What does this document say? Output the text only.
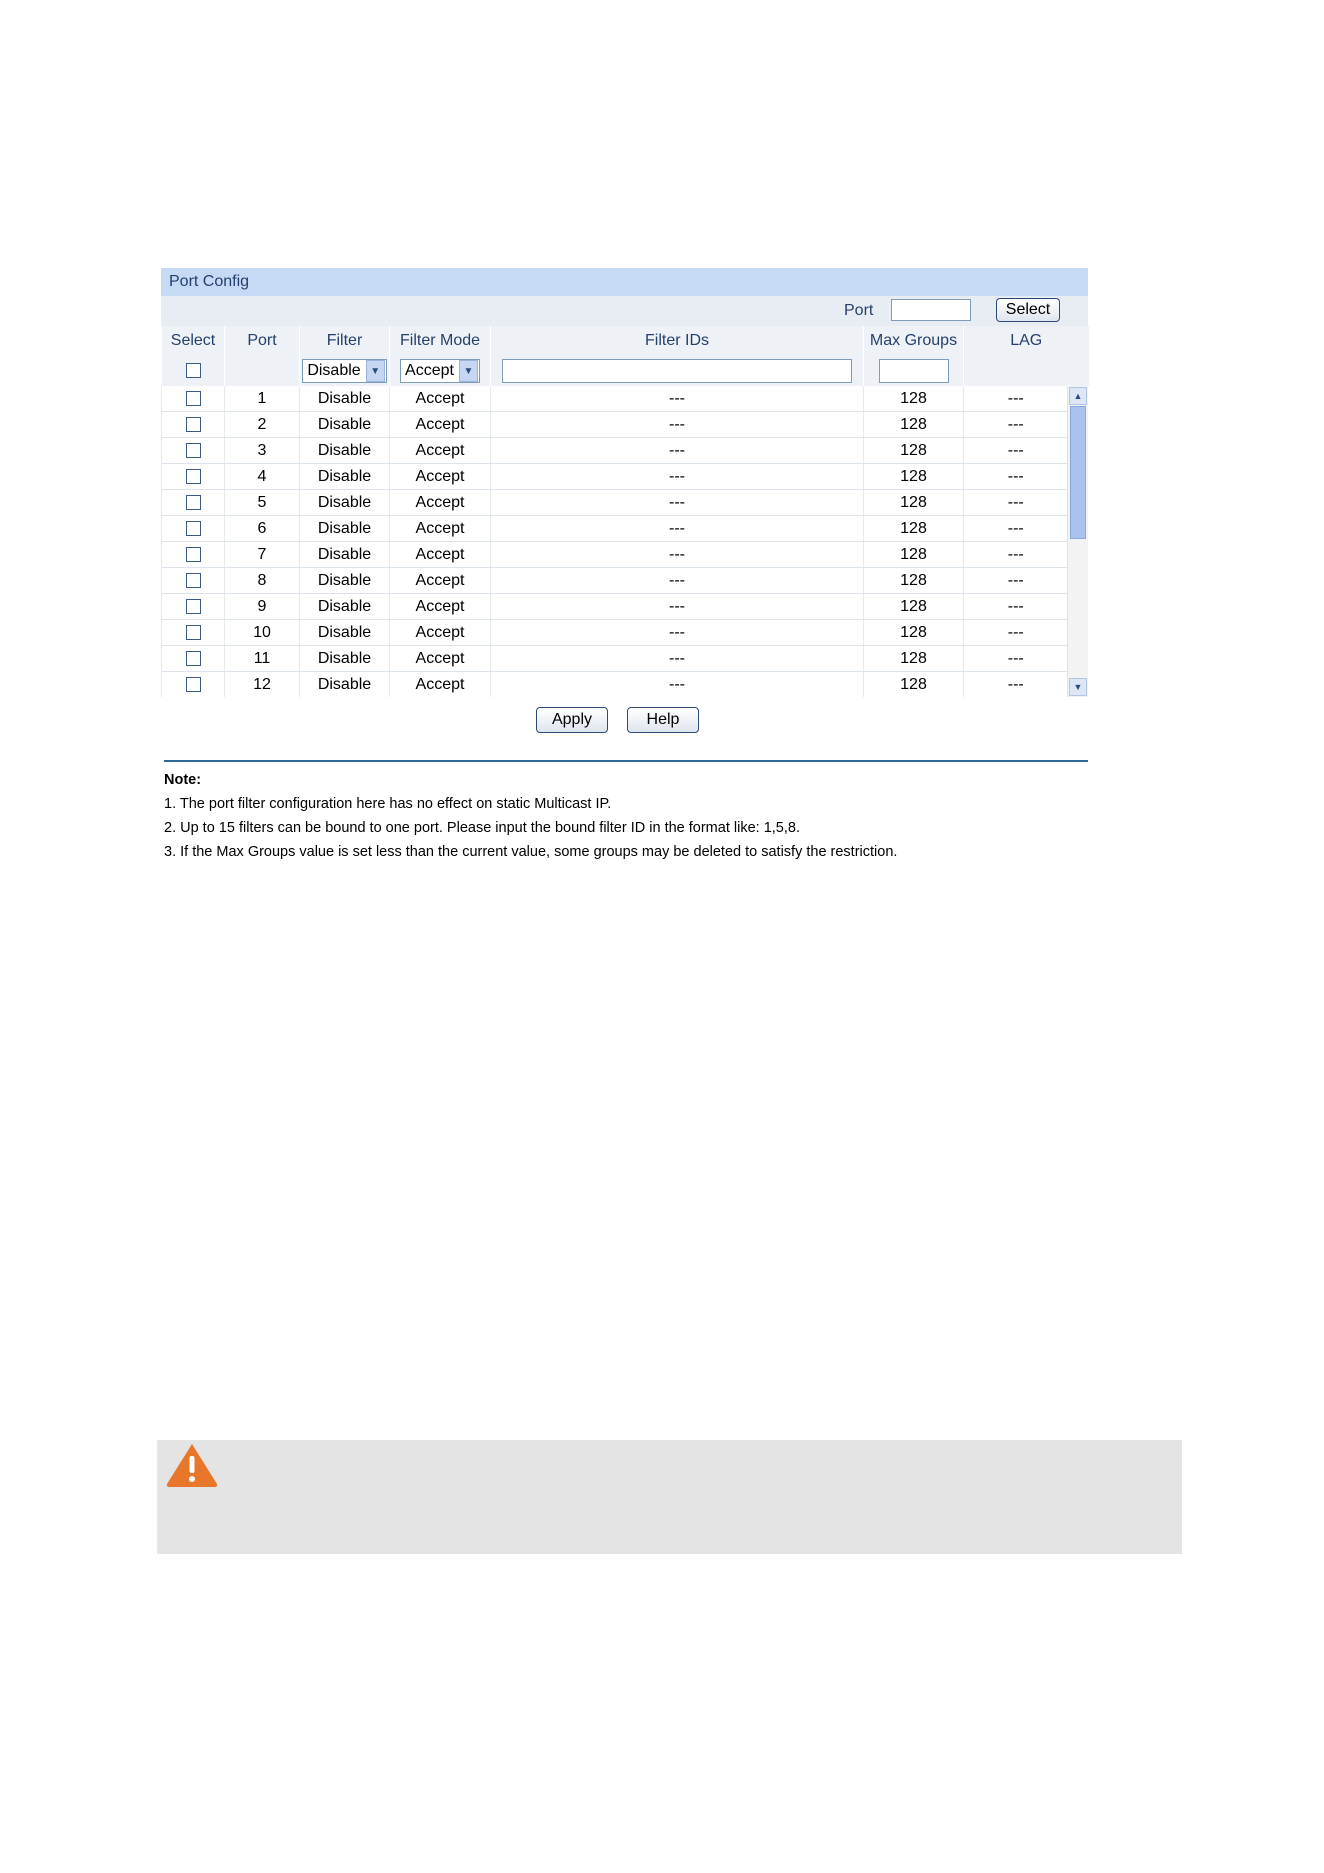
Port Config
Port	Select
Select	Port	Filter	Filter Mode	Filter IDs	Max Groups	LAG

		Disable ▼	Accept ▼

	1	Disable	Accept	---	128	---
	2	Disable	Accept	---	128	---
	3	Disable	Accept	---	128	---
	4	Disable	Accept	---	128	---
	5	Disable	Accept	---	128	---
	6	Disable	Accept	---	128	---
	7	Disable	Accept	---	128	---
	8	Disable	Accept	---	128	---
	9	Disable	Accept	---	128	---
	10	Disable	Accept	---	128	---
	11	Disable	Accept	---	128	---
	12	Disable	Accept	---	128	---
▲
▼
Apply	Help
Note:
1. The port filter configuration here has no effect on static Multicast IP.
2. Up to 15 filters can be bound to one port. Please input the bound filter ID in the format like: 1,5,8.
3. If the Max Groups value is set less than the current value, some groups may be deleted to satisfy the restriction.
